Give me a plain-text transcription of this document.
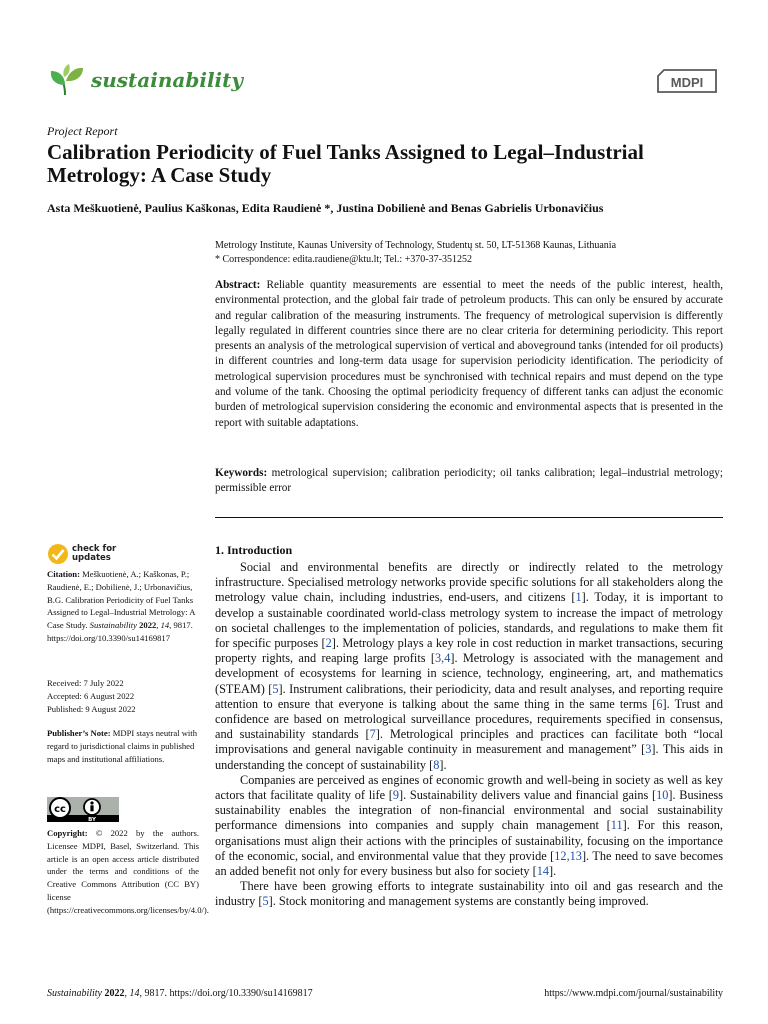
sustainability	MDPI
Project Report
Calibration Periodicity of Fuel Tanks Assigned to Legal–Industrial Metrology: A Case Study
Asta Meškuotienė, Paulius Kaškonas, Edita Raudienė *, Justina Dobilienė and Benas Gabrielis Urbonavičius
Metrology Institute, Kaunas University of Technology, Studentų st. 50, LT-51368 Kaunas, Lithuania
* Correspondence: edita.raudiene@ktu.lt; Tel.: +370-37-351252
Abstract: Reliable quantity measurements are essential to meet the needs of the public interest, health, environmental protection, and the global fair trade of petroleum products. This can only be ensured by accurate and regular calibration of the measuring instruments. The frequency of metrological supervision is differently legally regulated in different countries since there are no clear criteria for determining periodicity. This report presents an analysis of the metrological supervision of vertical and aboveground tanks (intended for oil products) in different countries and long-term data usage for supervision periodicity identification. The periodicity of metrological supervision procedures must be synchronised with technical repairs and must depend on the type and volume of the tank. Choosing the optimal periodicity frequency of different tanks can adjust the economic burden of metrological supervision considering the economic and environmental aspects that is presented in the report with suitable adaptations.
Keywords: metrological supervision; calibration periodicity; oil tanks calibration; legal–industrial metrology; permissible error
1. Introduction

Social and environmental benefits are directly or indirectly related to the metrology infrastructure. Specialised metrology networks provide specific solutions for all stakeholders along the metrology value chain, including industries, end-users, and citizens [1]. Today, it is important to develop a sustainable coordinated world-class metrology system to increase the impact of metrology on societal challenges to the implementation of policies, standards, and regulations to make them fit for specific purposes [2]. Metrology plays a key role in cost reduction in market transactions, securing property rights, and reaping large profits [3,4]. Metrology is associated with the management and development of ecosystems for learning in science, technology, engineering, art, and mathematics (STEAM) [5]. Instrument calibrations, their periodicity, data and result analyses, and reporting require attention to ensure that everyone is talking about the same thing in the same terms [6]. Trust and confidence are based on metrological surveillance procedures, requirements specified in consensus, and sustainability standards [7]. Metrological principles and practices can facilitate both “local improvisations and general navigable continuity in measurement and management” [3]. This aids in understanding the concept of sustainability [8].

Companies are perceived as engines of economic growth and well-being in society as well as key actors that facilitate quality of life [9]. Sustainability delivers value and financial gains [10]. Business sustainability enables the integration of non-financial environmental and social sustainability performance dimensions into companies and supply chain management [11]. For this reason, organisations must align their actions with the principles of sustainability, focusing on the importance of the economic, social, and environmental value that they provide [12,13]. The need to save becomes an added benefit not only for every business but also for society [14].

There have been growing efforts to integrate sustainability into oil and gas research and the industry [5]. Stock monitoring and management systems are constantly being improved.

check for
updates
Citation: Meškuotienė, A.; Kaškonas, P.; Raudienė, E.; Dobilienė, J.; Urbonavičius, B.G. Calibration Periodicity of Fuel Tanks Assigned to Legal–Industrial Metrology: A Case Study. Sustainability 2022,​ 14, 9817. https://doi.org/10.3390/su14169817
Received: 7 July 2022
Accepted: 6 August 2022
Published: 9 August 2022
Publisher’s Note: MDPI stays neutral with regard to jurisdictional claims in published maps and institutional affiliations.
cc
BY
Copyright: © 2022 by the authors. Licensee MDPI, Basel, Switzerland. This article is an open access article distributed under the terms and conditions of the Creative Commons Attribution (CC BY) license (https://creativecommons.org/licenses/by/4.0/).
Sustainability 2022, 14, 9817. https://doi.org/10.3390/su14169817	https://www.mdpi.com/journal/sustainability
